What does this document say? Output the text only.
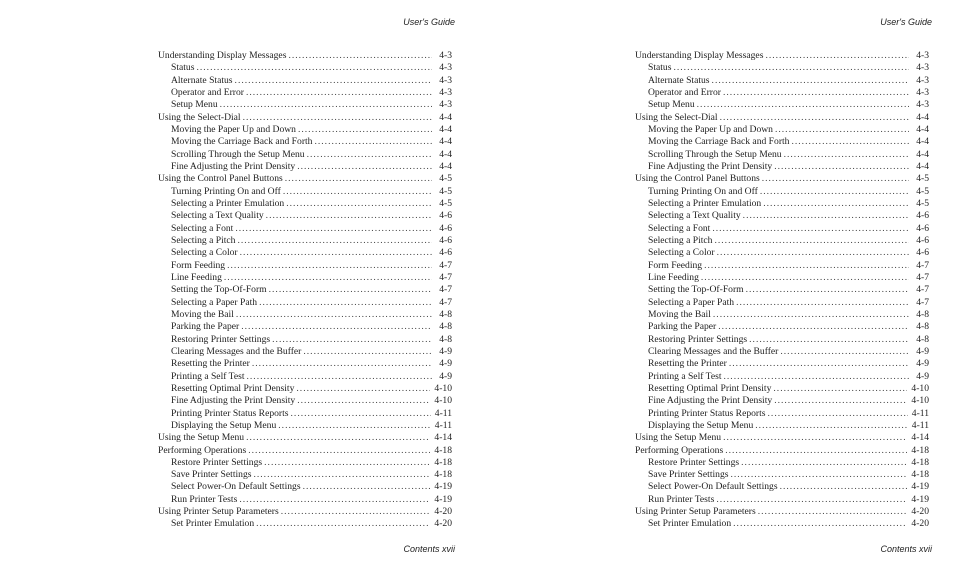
User's Guide
Understanding Display Messages .....	4-3
Status .....	4-3
Alternate Status .....	4-3
Operator and Error .....	4-3
Setup Menu .....	4-3
Using the Select-Dial .....	4-4
Moving the Paper Up and Down .....	4-4
Moving the Carriage Back and Forth .....	4-4
Scrolling Through the Setup Menu .....	4-4
Fine Adjusting the Print Density .....	4-4
Using the Control Panel Buttons .....	4-5
Turning Printing On and Off .....	4-5
Selecting a Printer Emulation .....	4-5
Selecting a Text Quality .....	4-6
Selecting a Font .....	4-6
Selecting a Pitch .....	4-6
Selecting a Color .....	4-6
Form Feeding .....	4-7
Line Feeding .....	4-7
Setting the Top-Of-Form .....	4-7
Selecting a Paper Path .....	4-7
Moving the Bail .....	4-8
Parking the Paper .....	4-8
Restoring Printer Settings .....	4-8
Clearing Messages and the Buffer .....	4-9
Resetting the Printer .....	4-9
Printing a Self Test .....	4-9
Resetting Optimal Print Density .....	4-10
Fine Adjusting the Print Density .....	4-10
Printing Printer Status Reports .....	4-11
Displaying the Setup Menu .....	4-11
Using the Setup Menu .....	4-14
Performing Operations .....	4-18
Restore Printer Settings .....	4-18
Save Printer Settings .....	4-18
Select Power-On Default Settings .....	4-19
Run Printer Tests .....	4-19
Using Printer Setup Parameters .....	4-20
Set Printer Emulation .....	4-20
Contents xvii
User's Guide
Understanding Display Messages .....	4-3
Status .....	4-3
Alternate Status .....	4-3
Operator and Error .....	4-3
Setup Menu .....	4-3
Using the Select-Dial .....	4-4
Moving the Paper Up and Down .....	4-4
Moving the Carriage Back and Forth .....	4-4
Scrolling Through the Setup Menu .....	4-4
Fine Adjusting the Print Density .....	4-4
Using the Control Panel Buttons .....	4-5
Turning Printing On and Off .....	4-5
Selecting a Printer Emulation .....	4-5
Selecting a Text Quality .....	4-6
Selecting a Font .....	4-6
Selecting a Pitch .....	4-6
Selecting a Color .....	4-6
Form Feeding .....	4-7
Line Feeding .....	4-7
Setting the Top-Of-Form .....	4-7
Selecting a Paper Path .....	4-7
Moving the Bail .....	4-8
Parking the Paper .....	4-8
Restoring Printer Settings .....	4-8
Clearing Messages and the Buffer .....	4-9
Resetting the Printer .....	4-9
Printing a Self Test .....	4-9
Resetting Optimal Print Density .....	4-10
Fine Adjusting the Print Density .....	4-10
Printing Printer Status Reports .....	4-11
Displaying the Setup Menu .....	4-11
Using the Setup Menu .....	4-14
Performing Operations .....	4-18
Restore Printer Settings .....	4-18
Save Printer Settings .....	4-18
Select Power-On Default Settings .....	4-19
Run Printer Tests .....	4-19
Using Printer Setup Parameters .....	4-20
Set Printer Emulation .....	4-20
Contents xvii
